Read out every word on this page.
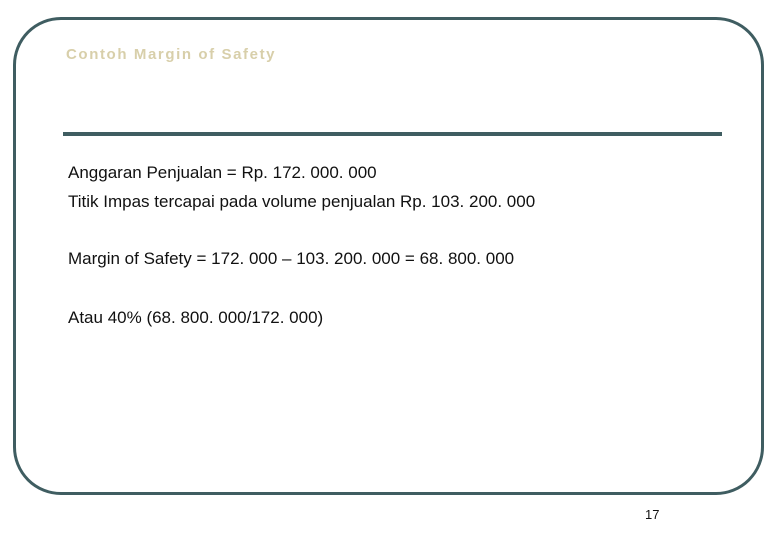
Contoh Margin of Safety
Anggaran Penjualan = Rp. 172. 000. 000
Titik Impas tercapai pada volume penjualan Rp. 103. 200. 000
Margin of Safety = 172. 000 – 103. 200. 000 = 68. 800. 000
Atau 40% (68. 800. 000/172. 000)
17
